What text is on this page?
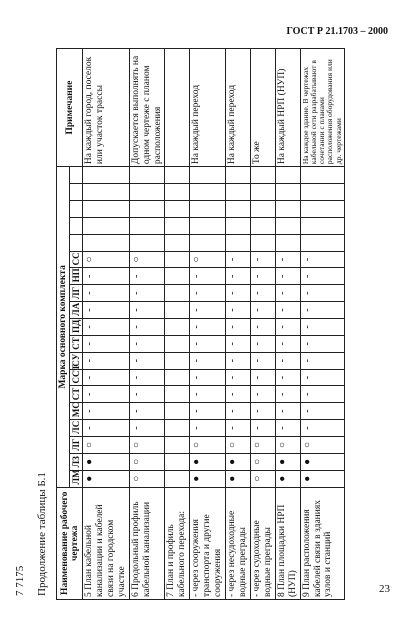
ГОСТ Р 21.1703 – 2000
7 7175 Продолжение таблицы Б.1 Наименование рабочего чертежа	Марка основного комплекта																			Примечание
	ЛМ	ЛЗ	ЛГ	ЛС	МС	СТ	ССТ	СУ	СТ	ПД	ЛА	ЛГ	НП	СС						
5 План кабельной канализации и кабелей связи на городском участке	●	●	○	-	-	-	-	-	-	-	-	-	-	○						На каждый город, поселок или участок трассы
6 Продольный профиль кабельной канализации	○	○	○	-	-	-	-	-	-	-	-	-	-	○						Допускается выполнять на одном чертеже с планом расположения
7 План и профиль кабельного перехода:																				
- через сооружения транспорта и другие сооружения	●	●	○	-	-	-	-	-	-	-	-	-	-	○						На каждый переход
- через несудоходные водные преграды	●	●	○	-	-	-	-	-	-	-	-	-	-	-						На каждый переход
- через судоходные водные преграды	○	○	○	-	-	-	-	-	-	-	-	-	-	-						То же
8 План площадки НРП (НУП)	●	●	○	-	-	-	-	-	-	-	-	-	-	-						На каждый НРП (НУП)
9 План расположения кабелей связи в зданиях узлов и станций	●	●	○	-	-	-	-	-	-	-	-	-	-	-						На каждое здание. В чертежах кабельной сети разрабатывают в сочетании с планами расположения оборудования или др. чертежами
23
